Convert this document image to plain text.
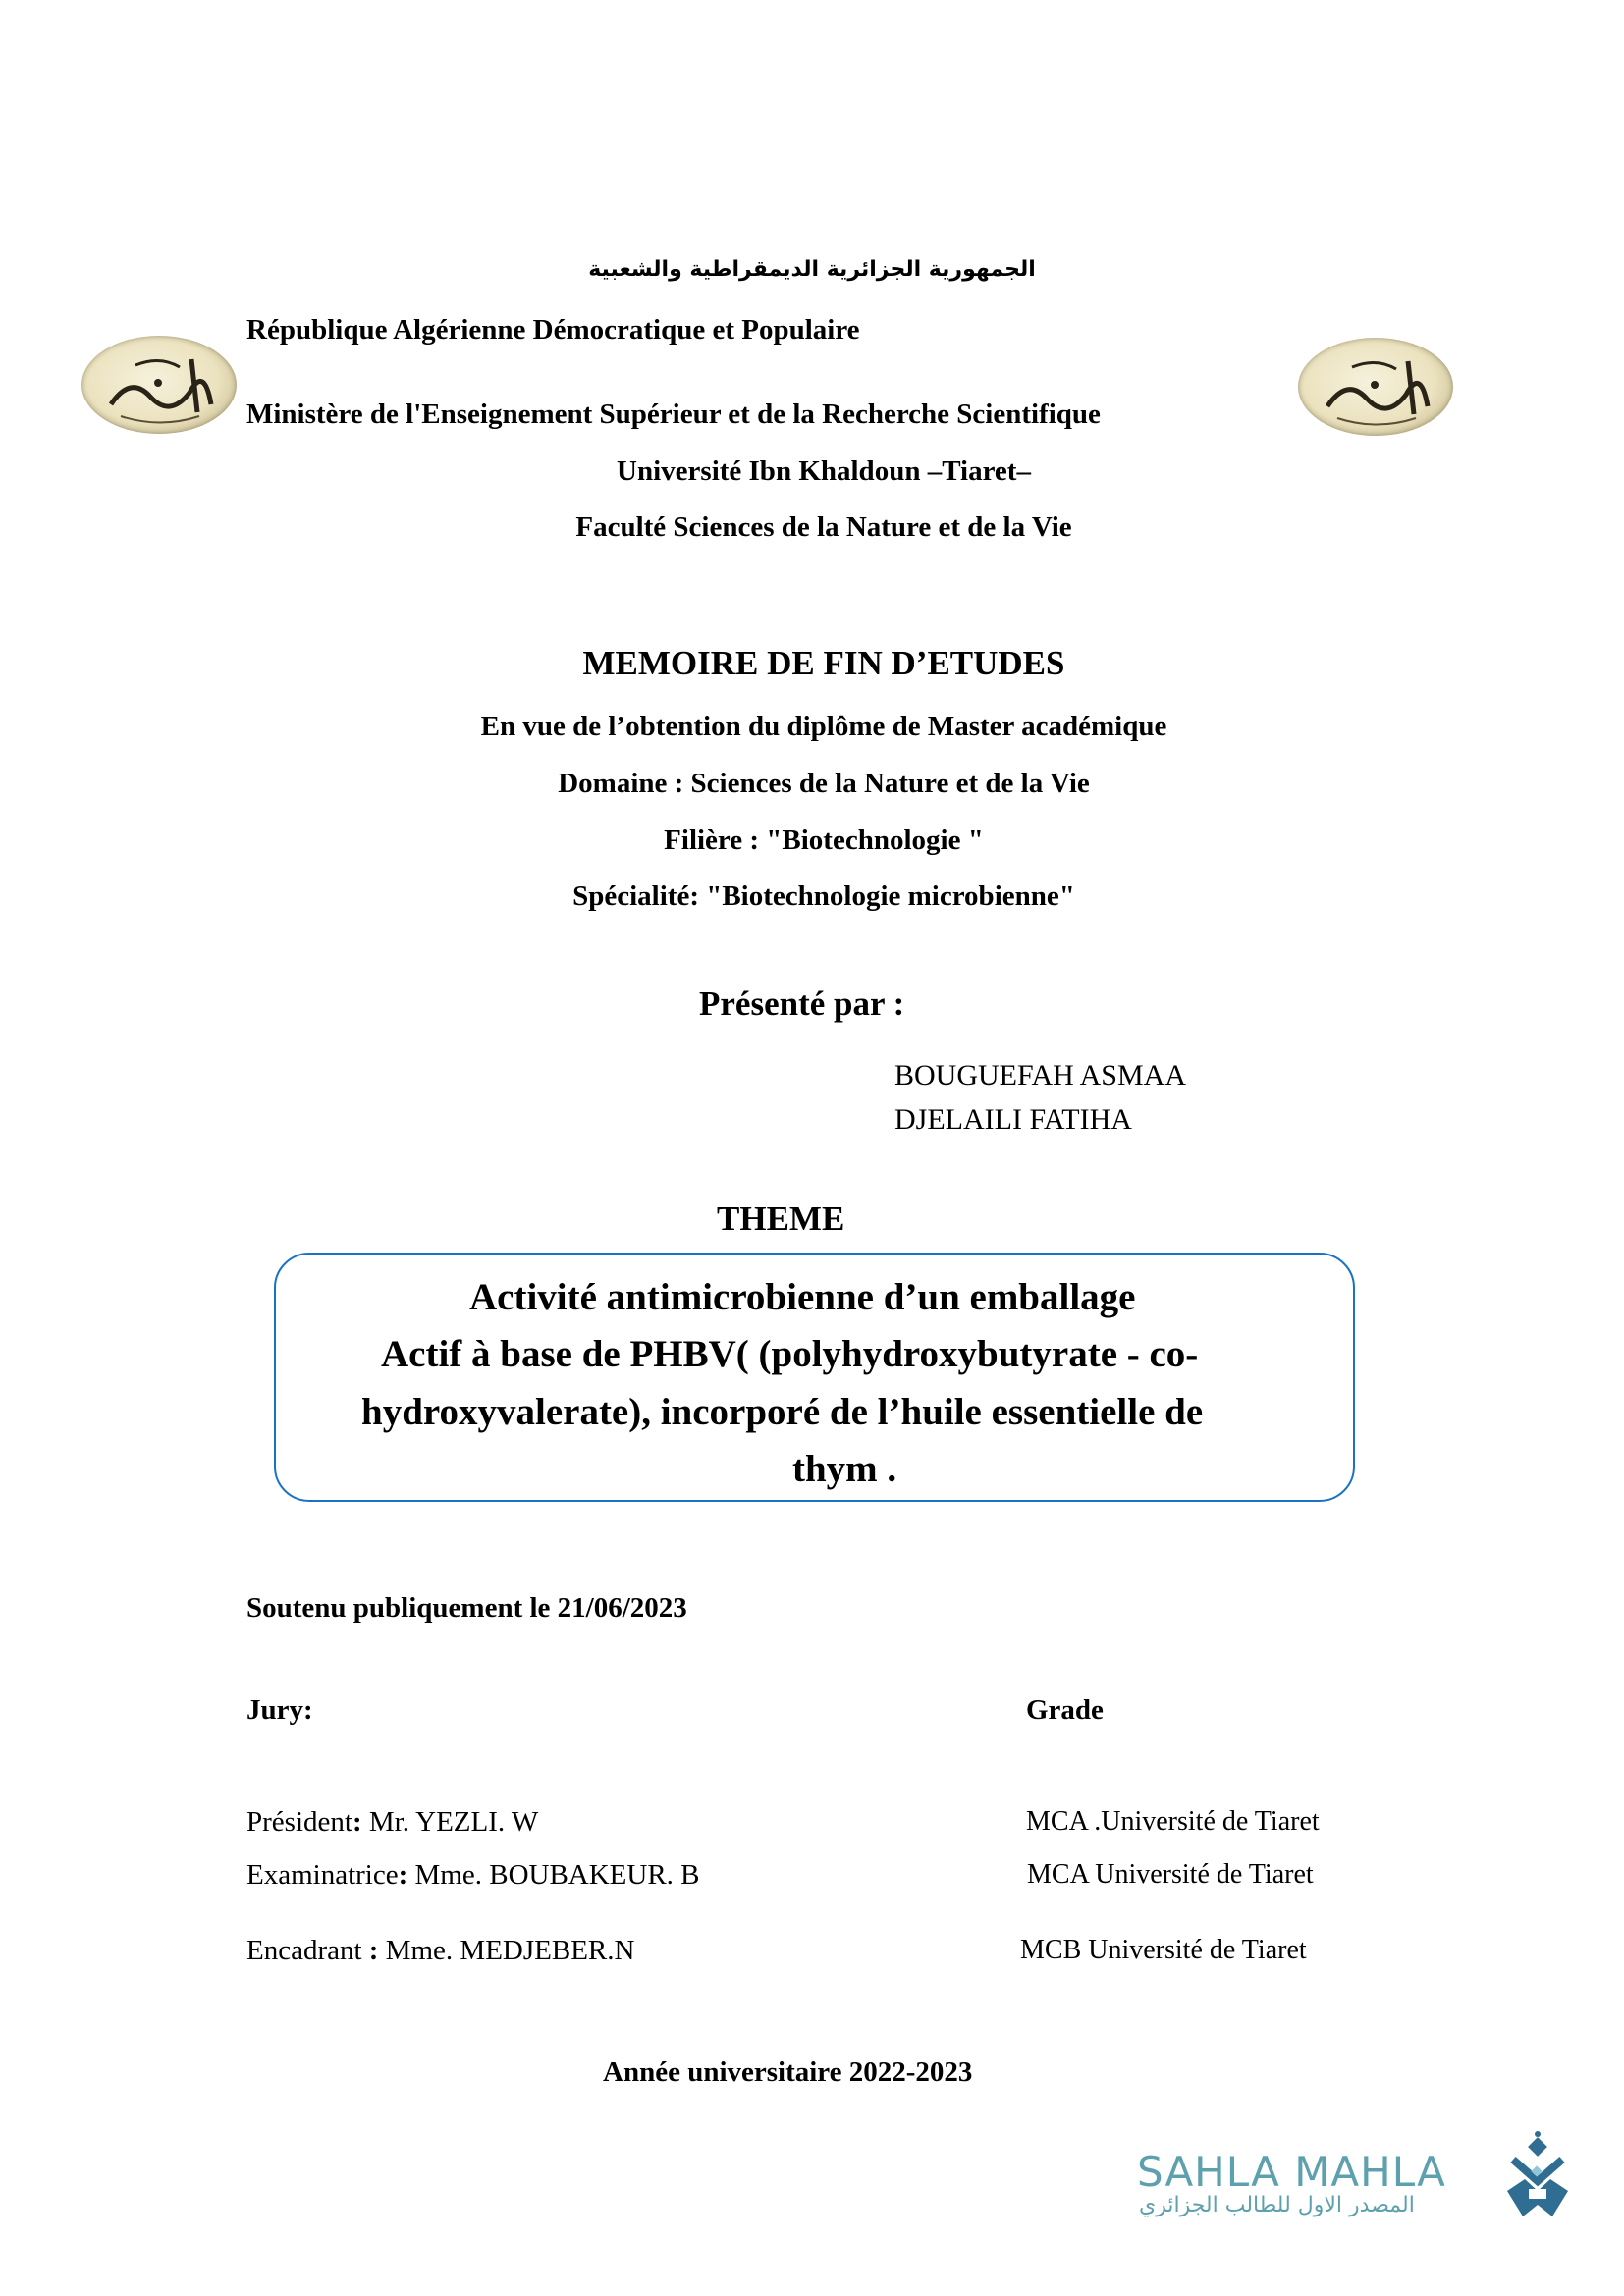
الجمهورية الجزائرية الديمقراطية والشعبية
République Algérienne Démocratique et Populaire
Ministère de l'Enseignement Supérieur et de la Recherche Scientifique
Université Ibn Khaldoun –Tiaret–
Faculté Sciences de la Nature et de la Vie
MEMOIRE DE FIN D’ETUDES
En vue de l’obtention du diplôme de Master académique
Domaine : Sciences de la Nature et de la Vie
Filière : "Biotechnologie "
Spécialité: "Biotechnologie microbienne"
Présenté par :
BOUGUEFAH ASMAA
DJELAILI FATIHA
THEME
Activité antimicrobienne d’un emballage
Actif à base de PHBV( (polyhydroxybutyrate - co-
hydroxyvalerate), incorporé de l’huile essentielle de
thym .
Soutenu publiquement le 21/06/2023
Jury:	Grade
Président: Mr. YEZLI. W	MCA .Université de Tiaret
Examinatrice: Mme. BOUBAKEUR. B	MCA Université de Tiaret
Encadrant : Mme. MEDJEBER.N	MCB Université de Tiaret
Année universitaire 2022-2023
SAHLA MAHLA
المصدر الاول للطالب الجزائري
